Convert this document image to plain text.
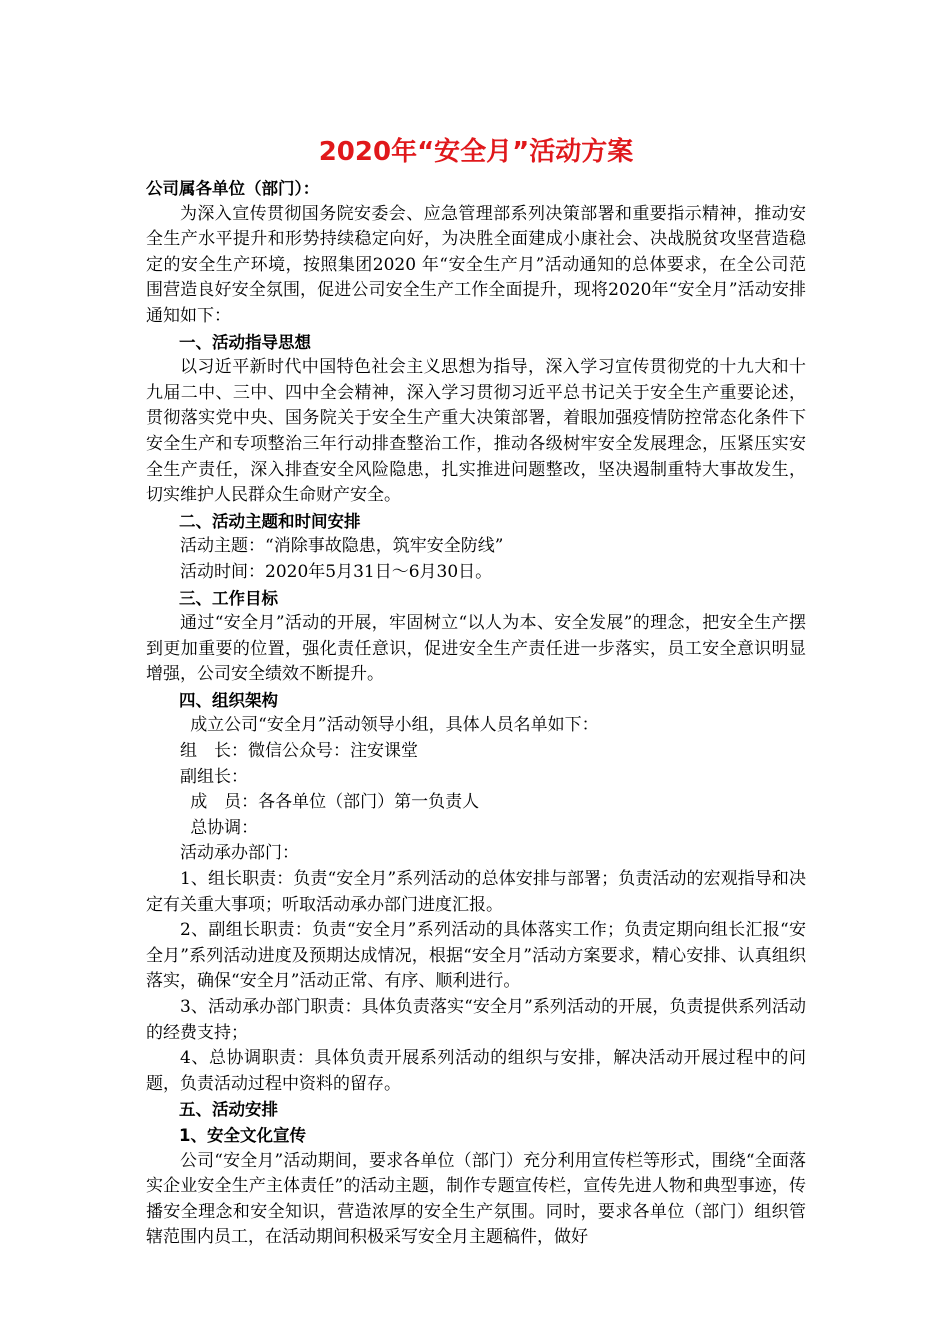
2020年“安全月”活动方案

公司属各单位（部门）：

为深入宣传贯彻国务院安委会、应急管理部系列决策部署和重要指示精神，推动安全生产水平提升和形势持续稳定向好，为决胜全面建成小康社会、决战脱贫攻坚营造稳定的安全生产环境，按照集团2020 年“安全生产月”活动通知的总体要求，在全公司范围营造良好安全氛围，促进公司安全生产工作全面提升，现将2020年“安全月”活动安排通知如下：

一、活动指导思想

以习近平新时代中国特色社会主义思想为指导，深入学习宣传贯彻党的十九大和十九届二中、三中、四中全会精神，深入学习贯彻习近平总书记关于安全生产重要论述，贯彻落实党中央、国务院关于安全生产重大决策部署，着眼加强疫情防控常态化条件下安全生产和专项整治三年行动排查整治工作，推动各级树牢安全发展理念，压紧压实安全生产责任，深入排查安全风险隐患，扎实推进问题整改，坚决遏制重特大事故发生，切实维护人民群众生命财产安全。

二、活动主题和时间安排

活动主题：“消除事故隐患，筑牢安全防线”

活动时间：2020年5月31日～6月30日。

三、工作目标

通过“安全月”活动的开展，牢固树立“以人为本、安全发展”的理念，把安全生产摆到更加重要的位置，强化责任意识，促进安全生产责任进一步落实，员工安全意识明显增强，公司安全绩效不断提升。

四、组织架构

成立公司“安全月”活动领导小组，具体人员名单如下：

组　长：微信公众号：注安课堂

副组长：

成　员：各各单位（部门）第一负责人

总协调：

活动承办部门：

1、组长职责：负责“安全月”系列活动的总体安排与部署；负责活动的宏观指导和决定有关重大事项；听取活动承办部门进度汇报。

2、副组长职责：负责“安全月”系列活动的具体落实工作；负责定期向组长汇报“安全月”系列活动进度及预期达成情况，根据“安全月”活动方案要求，精心安排、认真组织落实，确保“安全月”活动正常、有序、顺利进行。

3、活动承办部门职责：具体负责落实“安全月”系列活动的开展，负责提供系列活动的经费支持；

4、总协调职责：具体负责开展系列活动的组织与安排，解决活动开展过程中的问题，负责活动过程中资料的留存。

五、活动安排

1、安全文化宣传

公司“安全月”活动期间，要求各单位（部门）充分利用宣传栏等形式，围绕“全面落实企业安全生产主体责任”的活动主题，制作专题宣传栏，宣传先进人物和典型事迹，传播安全理念和安全知识，营造浓厚的安全生产氛围。同时，要求各单位（部门）组织管辖范围内员工，在活动期间积极采写安全月主题稿件，做好
